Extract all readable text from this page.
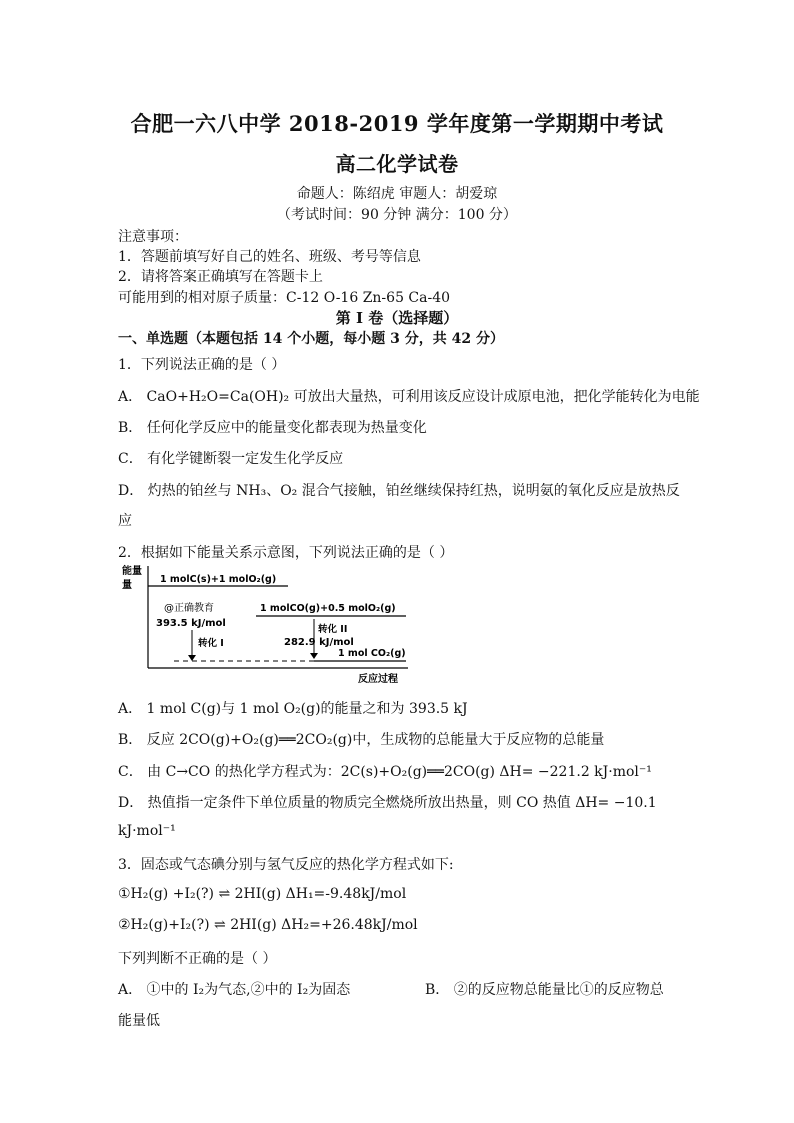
合肥一六八中学 2018-2019 学年度第一学期期中考试
高二化学试卷
命题人：陈绍虎 审题人：胡爱琼
（考试时间：90 分钟 满分：100 分）
注意事项：
1．答题前填写好自己的姓名、班级、考号等信息
2．请将答案正确填写在答题卡上
可能用到的相对原子质量：C-12 O-16 Zn-65 Ca-40
第 I 卷（选择题）
一、单选题（本题包括 14 个小题，每小题 3 分，共 42 分）
1．下列说法正确的是（ ）
A． CaO+H₂O=Ca(OH)₂ 可放出大量热，可利用该反应设计成原电池，把化学能转化为电能
B． 任何化学反应中的能量变化都表现为热量变化
C． 有化学键断裂一定发生化学反应
D． 灼热的铂丝与 NH₃、O₂ 混合气接触，铂丝继续保持红热，说明氨的氧化反应是放热反
应
2．根据如下能量关系示意图，下列说法正确的是（ ）
能量
量
反应过程
1 molC(s)+1 molO₂(g)
@正确教育
393.5 kJ/mol
转化 I
1 molCO(g)+0.5 molO₂(g)
转化 II
282.9 kJ/mol
1 mol CO₂(g)
A． 1 mol C(g)与 1 mol O₂(g)的能量之和为 393.5 kJ
B． 反应 2CO(g)+O₂(g)══2CO₂(g)中，生成物的总能量大于反应物的总能量
C． 由 C→CO 的热化学方程式为：2C(s)+O₂(g)══2CO(g) ΔH= −221.2 kJ·mol⁻¹
D． 热值指一定条件下单位质量的物质完全燃烧所放出热量，则 CO 热值 ΔH= −10.1
kJ·mol⁻¹
3．固态或气态碘分别与氢气反应的热化学方程式如下:
①H₂(g) +I₂(?) ⇌ 2HI(g) ΔH₁=-9.48kJ/mol
②H₂(g)+I₂(?) ⇌ 2HI(g) ΔH₂=+26.48kJ/mol
下列判断不正确的是（ ）
A． ①中的 I₂为气态,②中的 I₂为固态	B． ②的反应物总能量比①的反应物总
能量低
